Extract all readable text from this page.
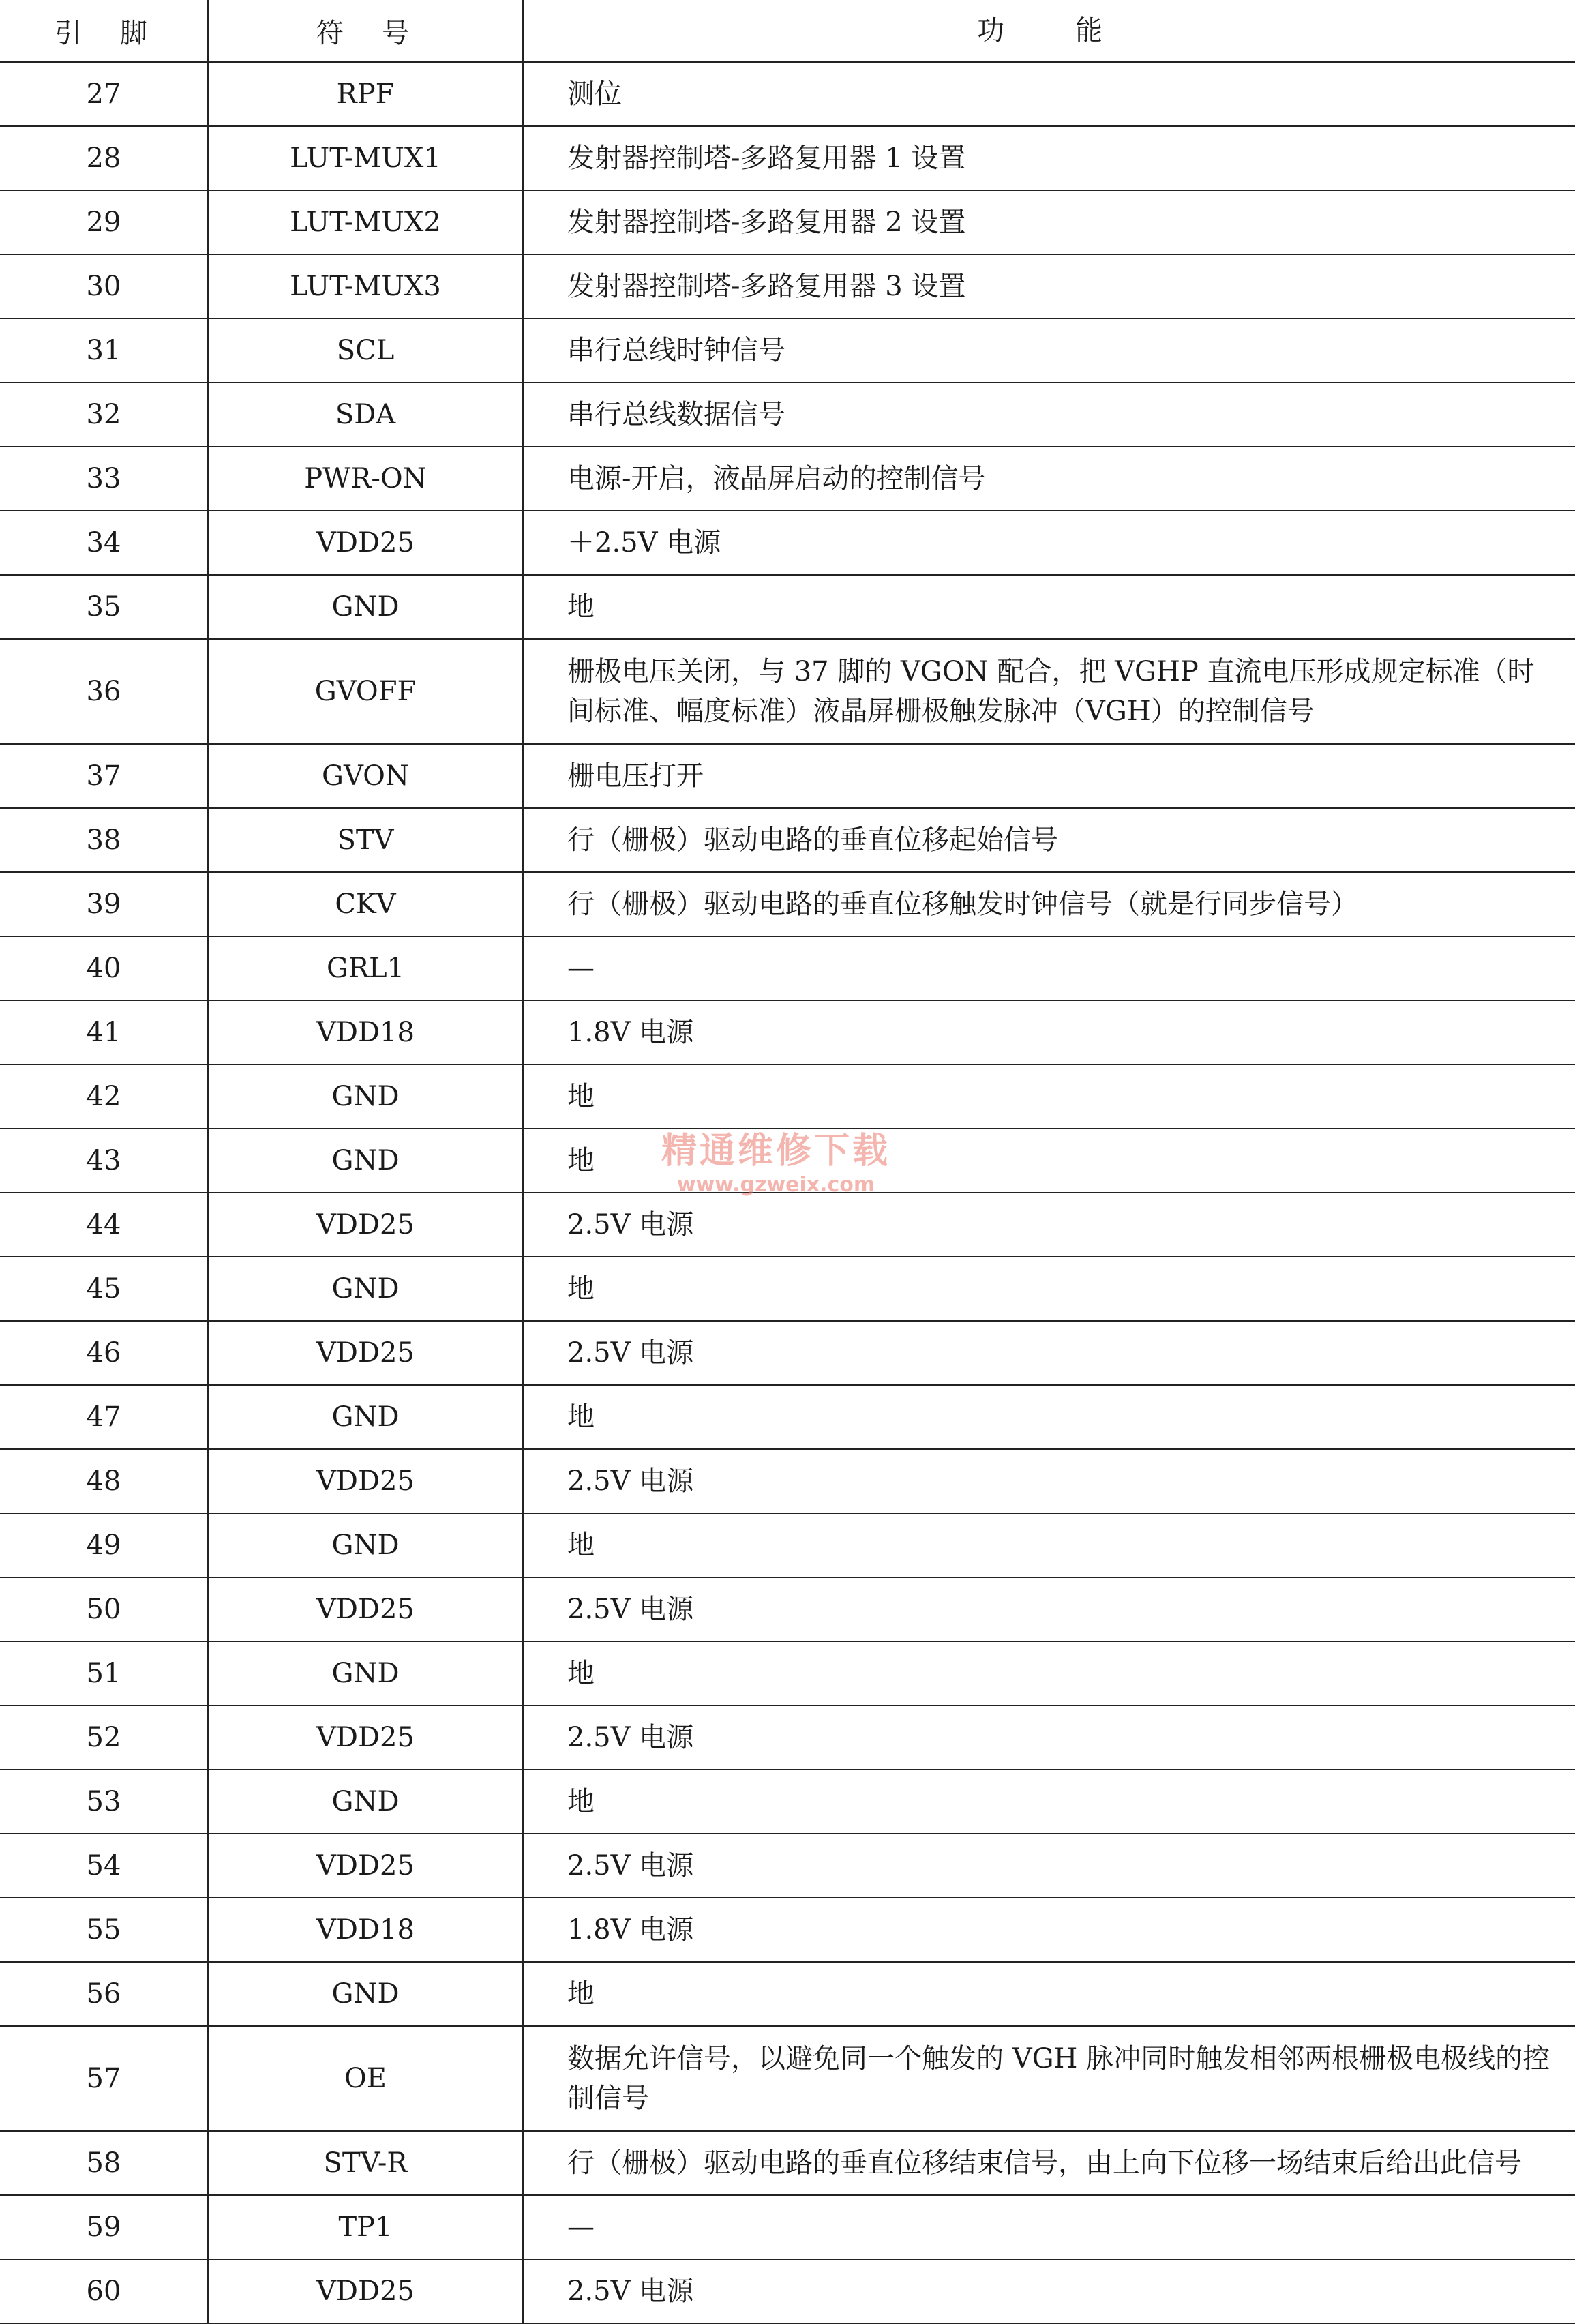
引　脚	符　号	功　　能
27	RPF	测位
28	LUT-MUX1	发射器控制塔-多路复用器 1 设置
29	LUT-MUX2	发射器控制塔-多路复用器 2 设置
30	LUT-MUX3	发射器控制塔-多路复用器 3 设置
31	SCL	串行总线时钟信号
32	SDA	串行总线数据信号
33	PWR-ON	电源-开启，液晶屏启动的控制信号
34	VDD25	＋2.5V 电源
35	GND	地
36	GVOFF	栅极电压关闭，与 37 脚的 VGON 配合，把 VGHP 直流电压形成规定标准（时间标准、幅度标准）液晶屏栅极触发脉冲（VGH）的控制信号
37	GVON	栅电压打开
38	STV	行（栅极）驱动电路的垂直位移起始信号
39	CKV	行（栅极）驱动电路的垂直位移触发时钟信号（就是行同步信号）
40	GRL1	—
41	VDD18	1.8V 电源
42	GND	地
43	GND	地
44	VDD25	2.5V 电源
45	GND	地
46	VDD25	2.5V 电源
47	GND	地
48	VDD25	2.5V 电源
49	GND	地
50	VDD25	2.5V 电源
51	GND	地
52	VDD25	2.5V 电源
53	GND	地
54	VDD25	2.5V 电源
55	VDD18	1.8V 电源
56	GND	地
57	OE	数据允许信号，以避免同一个触发的 VGH 脉冲同时触发相邻两根栅极电极线的控制信号
58	STV-R	行（栅极）驱动电路的垂直位移结束信号，由上向下位移一场结束后给出此信号
59	TP1	—
60	VDD25	2.5V 电源
精通维修下载
www.gzweix.com
